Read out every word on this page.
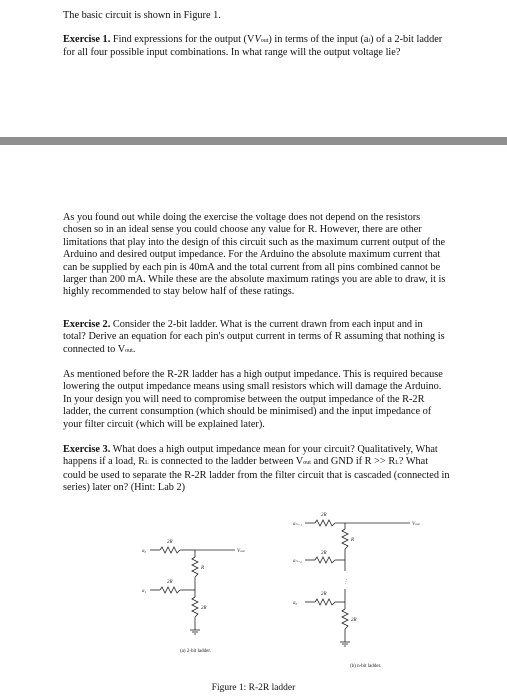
The basic circuit is shown in Figure 1.

Exercise 1. Find expressions for the output (VVout) in terms of the input (ai) of a 2-bit ladder
for all four possible input combinations. In what range will the output voltage lie?

As you found out while doing the exercise the voltage does not depend on the resistors
chosen so in an ideal sense you could choose any value for R. However, there are other
limitations that play into the design of this circuit such as the maximum current output of the
Arduino and desired output impedance. For the Arduino the absolute maximum current that
can be supplied by each pin is 40mA and the total current from all pins combined cannot be
larger than 200 mA. While these are the absolute maximum ratings you are able to draw, it is
highly recommended to stay below half of these ratings.

Exercise 2. Consider the 2-bit ladder. What is the current drawn from each input and in
total? Derive an equation for each pin's output current in terms of R assuming that nothing is
connected to Vout.

As mentioned before the R-2R ladder has a high output impedance. This is required because
lowering the output impedance means using small resistors which will damage the Arduino.
In your design you will need to compromise between the output impedance of the R-2R
ladder, the current consumption (which should be minimised) and the input impedance of
your filter circuit (which will be explained later).

Exercise 3. What does a high output impedance mean for your circuit? Qualitatively, What
happens if a load, RL is connected to the ladder between Vout and GND if R >> RL? What
could be used to separate the R-2R ladder from the filter circuit that is cascaded (connected in
series) later on? (Hint: Lab 2)

2R
a₀
a₁
2R
R
2R
Vout
2R
2R
2R
R
2R
aₙ₋₁
aₙ₋₂
a₀
⋮
Vout
(a) 2-bit ladder.
(b) n-bit ladder.
Figure 1: R-2R ladder
